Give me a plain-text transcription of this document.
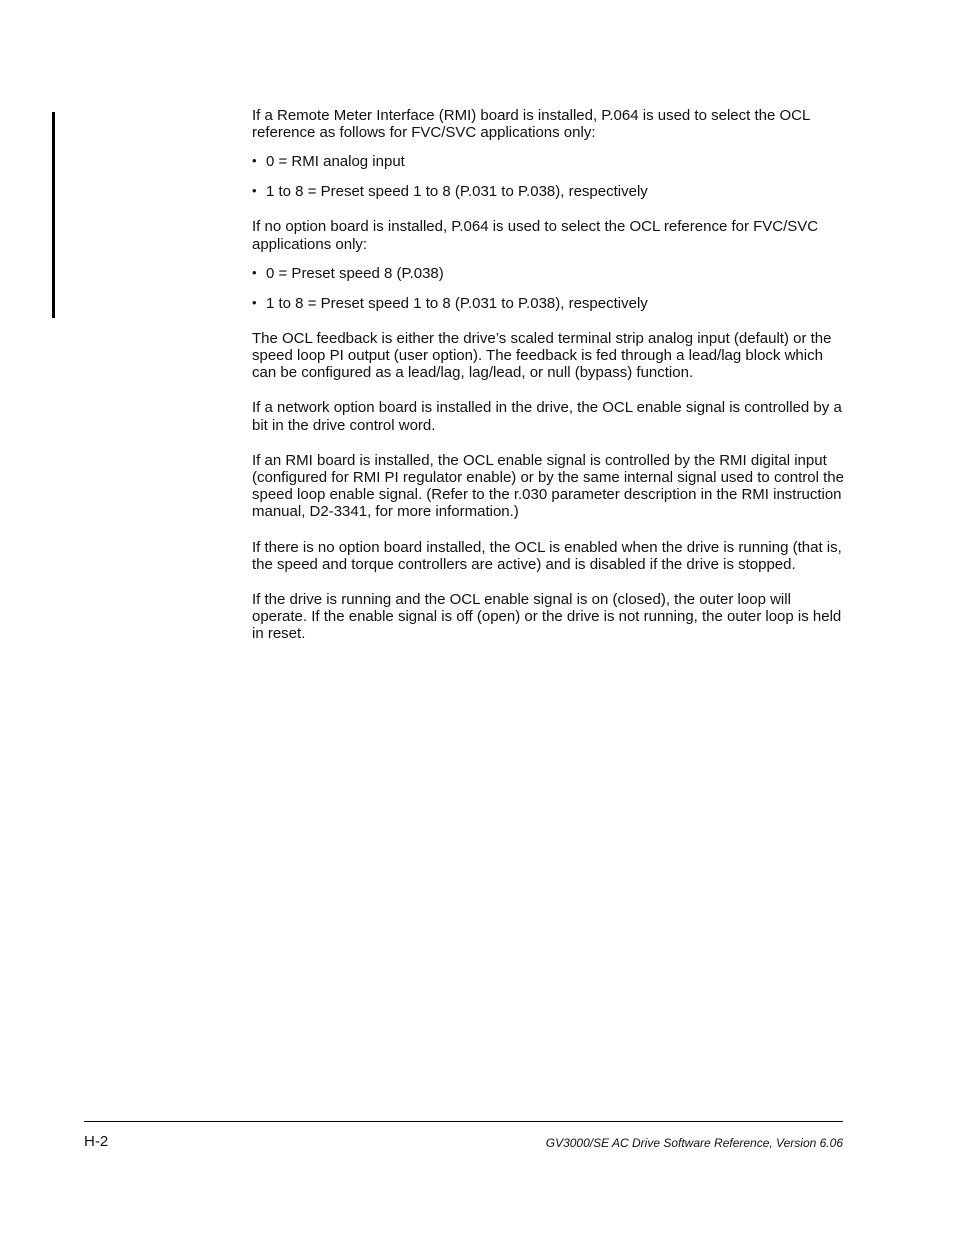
If a Remote Meter Interface (RMI) board is installed, P.064 is used to select the OCL reference as follows for FVC/SVC applications only:

• 0 = RMI analog input
• 1 to 8 = Preset speed 1 to 8 (P.031 to P.038), respectively

If no option board is installed, P.064 is used to select the OCL reference for FVC/SVC applications only:

• 0 = Preset speed 8 (P.038)
• 1 to 8 = Preset speed 1 to 8 (P.031 to P.038), respectively

The OCL feedback is either the drive’s scaled terminal strip analog input (default) or the speed loop PI output (user option). The feedback is fed through a lead/lag block which can be configured as a lead/lag, lag/lead, or null (bypass) function.

If a network option board is installed in the drive, the OCL enable signal is controlled by a bit in the drive control word.

If an RMI board is installed, the OCL enable signal is controlled by the RMI digital input (configured for RMI PI regulator enable) or by the same internal signal used to control the speed loop enable signal. (Refer to the r.030 parameter description in the RMI instruction manual, D2-3341, for more information.)

If there is no option board installed, the OCL is enabled when the drive is running (that is, the speed and torque controllers are active) and is disabled if the drive is stopped.

If the drive is running and the OCL enable signal is on (closed), the outer loop will operate. If the enable signal is off (open) or the drive is not running, the outer loop is held in reset.

H-2	GV3000/SE AC Drive Software Reference, Version 6.06
